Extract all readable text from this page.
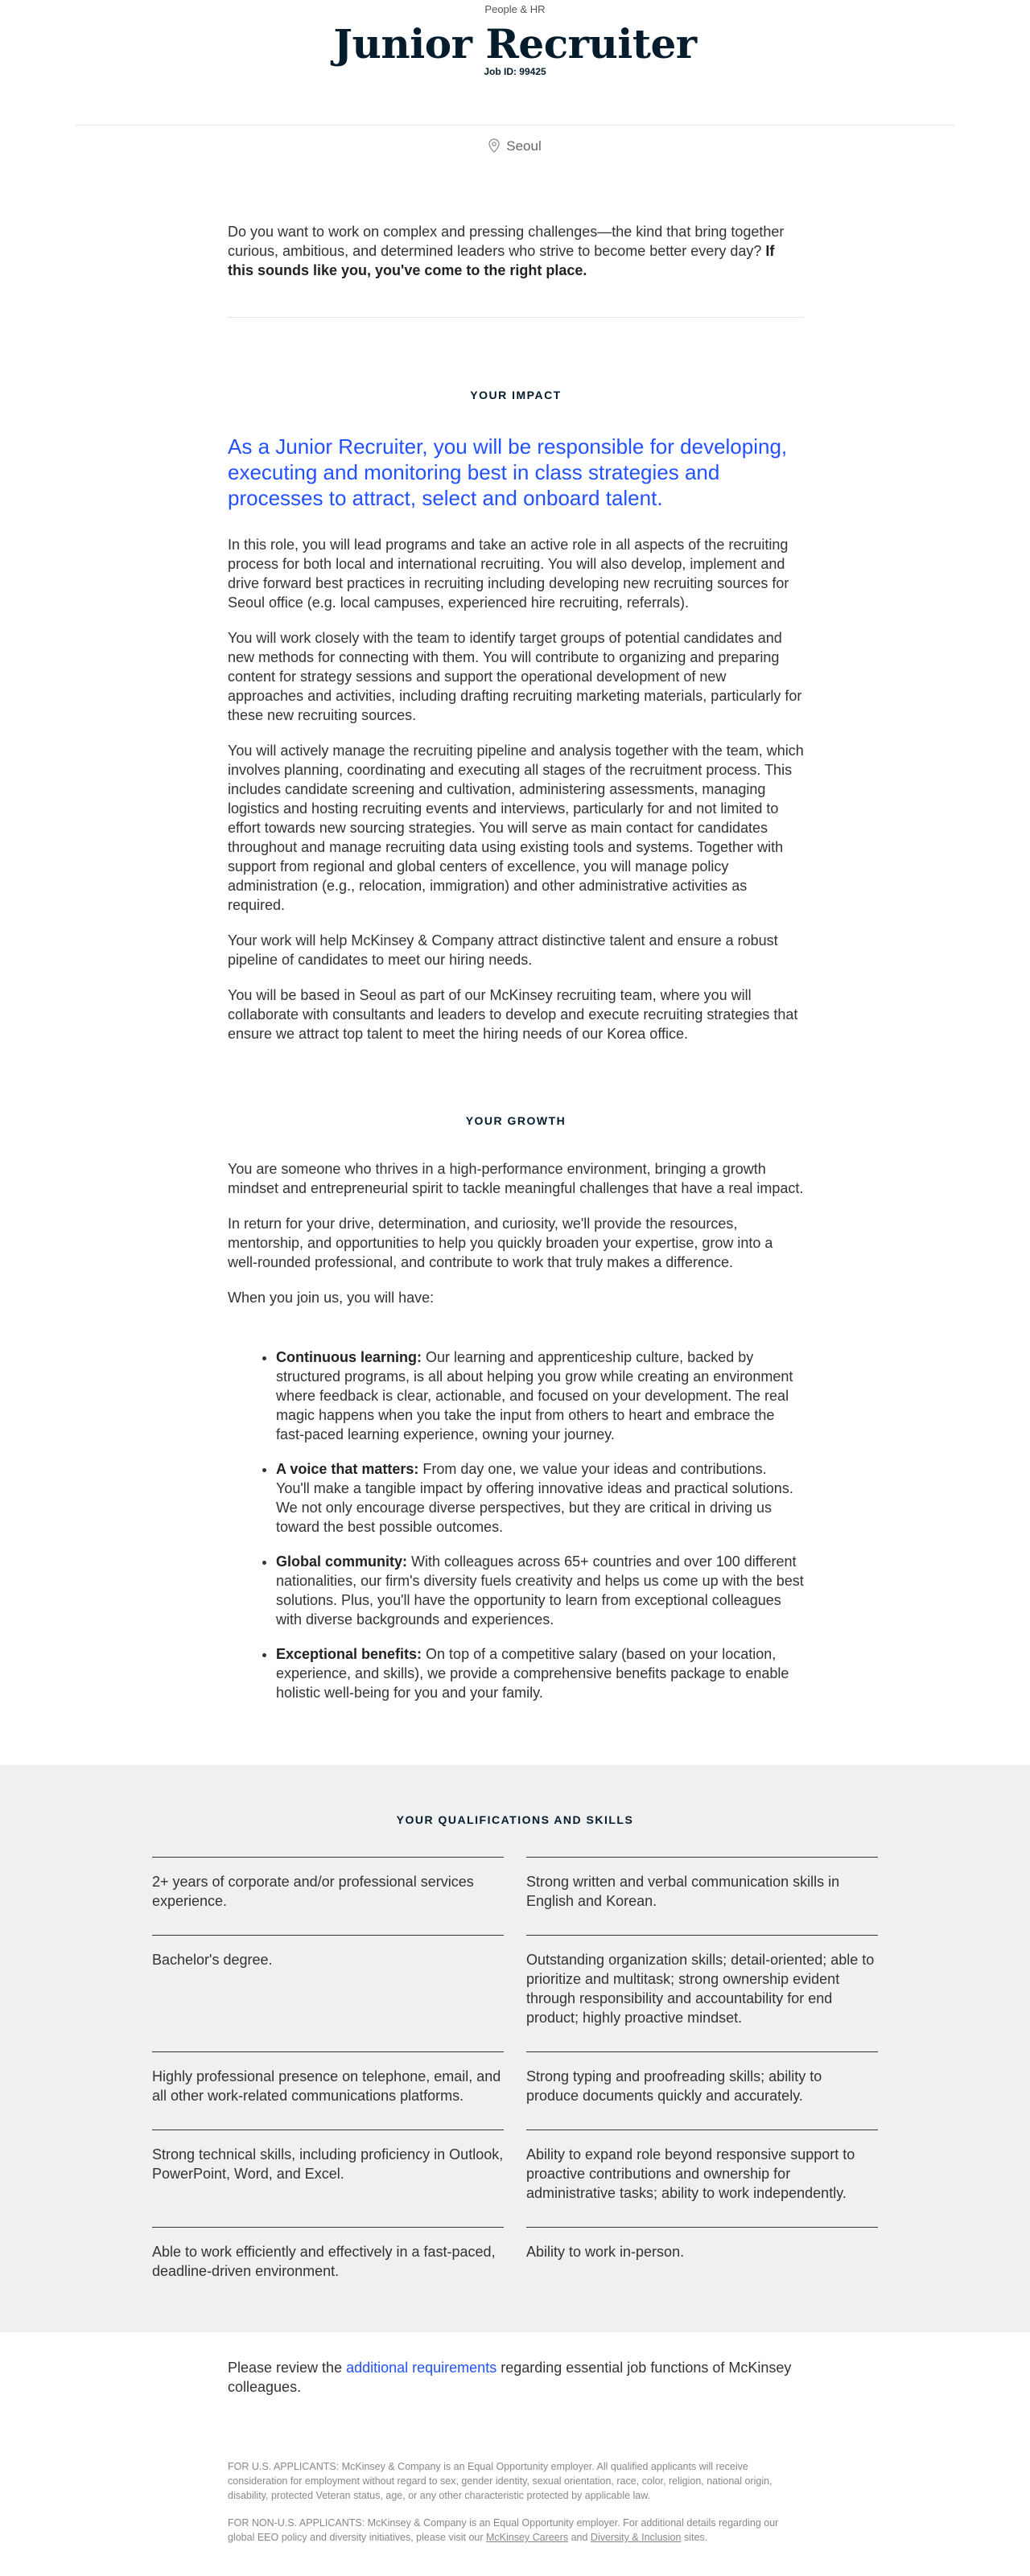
People & HR
Junior Recruiter
Job ID: 99425
Seoul

Do you want to work on complex and pressing challenges—the kind that bring together curious, ambitious, and determined leaders who strive to become better every day? If this sounds like you, you've come to the right place.

YOUR IMPACT

As a Junior Recruiter, you will be responsible for developing, executing and monitoring best in class strategies and processes to attract, select and onboard talent.

In this role, you will lead programs and take an active role in all aspects of the recruiting process for both local and international recruiting. You will also develop, implement and drive forward best practices in recruiting including developing new recruiting sources for Seoul office (e.g. local campuses, experienced hire recruiting, referrals).

You will work closely with the team to identify target groups of potential candidates and new methods for connecting with them. You will contribute to organizing and preparing content for strategy sessions and support the operational development of new approaches and activities, including drafting recruiting marketing materials, particularly for these new recruiting sources.

You will actively manage the recruiting pipeline and analysis together with the team, which involves planning, coordinating and executing all stages of the recruitment process. This includes candidate screening and cultivation, administering assessments, managing logistics and hosting recruiting events and interviews, particularly for and not limited to effort towards new sourcing strategies. You will serve as main contact for candidates throughout and manage recruiting data using existing tools and systems. Together with support from regional and global centers of excellence, you will manage policy administration (e.g., relocation, immigration) and other administrative activities as required.

Your work will help McKinsey & Company attract distinctive talent and ensure a robust pipeline of candidates to meet our hiring needs.

You will be based in Seoul as part of our McKinsey recruiting team, where you will collaborate with consultants and leaders to develop and execute recruiting strategies that ensure we attract top talent to meet the hiring needs of our Korea office.

YOUR GROWTH

You are someone who thrives in a high-performance environment, bringing a growth mindset and entrepreneurial spirit to tackle meaningful challenges that have a real impact.

In return for your drive, determination, and curiosity, we'll provide the resources, mentorship, and opportunities to help you quickly broaden your expertise, grow into a well-rounded professional, and contribute to work that truly makes a difference.

When you join us, you will have:

• Continuous learning: Our learning and apprenticeship culture, backed by structured programs, is all about helping you grow while creating an environment where feedback is clear, actionable, and focused on your development. The real magic happens when you take the input from others to heart and embrace the fast-paced learning experience, owning your journey.
• A voice that matters: From day one, we value your ideas and contributions. You'll make a tangible impact by offering innovative ideas and practical solutions. We not only encourage diverse perspectives, but they are critical in driving us toward the best possible outcomes.
• Global community: With colleagues across 65+ countries and over 100 different nationalities, our firm's diversity fuels creativity and helps us come up with the best solutions. Plus, you'll have the opportunity to learn from exceptional colleagues with diverse backgrounds and experiences.
• Exceptional benefits: On top of a competitive salary (based on your location, experience, and skills), we provide a comprehensive benefits package to enable holistic well-being for you and your family.
YOUR QUALIFICATIONS AND SKILLS
2+ years of corporate and/or professional services experience.
Strong written and verbal communication skills in English and Korean.
Bachelor's degree.	Outstanding organization skills; detail-oriented; able to prioritize and multitask; strong ownership evident through responsibility and accountability for end product; highly proactive mindset.
Highly professional presence on telephone, email, and all other work-related communications platforms.
Strong typing and proofreading skills; ability to produce documents quickly and accurately.
Strong technical skills, including proficiency in Outlook, PowerPoint, Word, and Excel.
Ability to expand role beyond responsive support to proactive contributions and ownership for administrative tasks; ability to work independently.
Able to work efficiently and effectively in a fast-paced, deadline-driven environment.
Ability to work in-person.

Please review the additional requirements regarding essential job functions of McKinsey colleagues.

FOR U.S. APPLICANTS: McKinsey & Company is an Equal Opportunity employer. All qualified applicants will receive consideration for employment without regard to sex, gender identity, sexual orientation, race, color, religion, national origin, disability, protected Veteran status, age, or any other characteristic protected by applicable law.

FOR NON-U.S. APPLICANTS: McKinsey & Company is an Equal Opportunity employer. For additional details regarding our global EEO policy and diversity initiatives, please visit our McKinsey Careers and Diversity & Inclusion sites.
